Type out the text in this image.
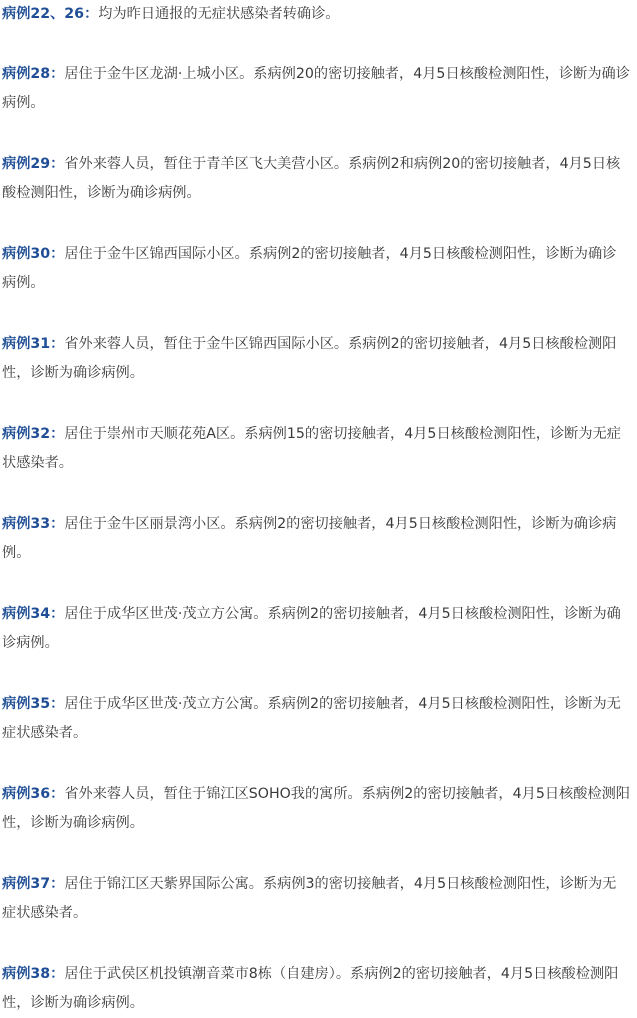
病例22、26：均为昨日通报的无症状感染者转确诊。

病例28：居住于金牛区龙湖·上城小区。系病例20的密切接触者，4月5日核酸检测阳性，诊断为确诊病例。

病例29：省外来蓉人员，暂住于青羊区飞大美营小区。系病例2和病例20的密切接触者，4月5日核酸检测阳性，诊断为确诊病例。

病例30：居住于金牛区锦西国际小区。系病例2的密切接触者，4月5日核酸检测阳性，诊断为确诊病例。

病例31：省外来蓉人员，暂住于金牛区锦西国际小区。系病例2的密切接触者，4月5日核酸检测阳性，诊断为确诊病例。

病例32：居住于崇州市天顺花苑A区。系病例15的密切接触者，4月5日核酸检测阳性，诊断为无症状感染者。

病例33：居住于金牛区丽景湾小区。系病例2的密切接触者，4月5日核酸检测阳性，诊断为确诊病例。

病例34：居住于成华区世茂·茂立方公寓。系病例2的密切接触者，4月5日核酸检测阳性，诊断为确诊病例。

病例35：居住于成华区世茂·茂立方公寓。系病例2的密切接触者，4月5日核酸检测阳性，诊断为无症状感染者。

病例36：省外来蓉人员，暂住于锦江区SOHO我的寓所。系病例2的密切接触者，4月5日核酸检测阳性，诊断为确诊病例。

病例37：居住于锦江区天紫界国际公寓。系病例3的密切接触者，4月5日核酸检测阳性，诊断为无症状感染者。

病例38：居住于武侯区机投镇潮音菜市8栋（自建房）。系病例2的密切接触者，4月5日核酸检测阳性，诊断为确诊病例。
